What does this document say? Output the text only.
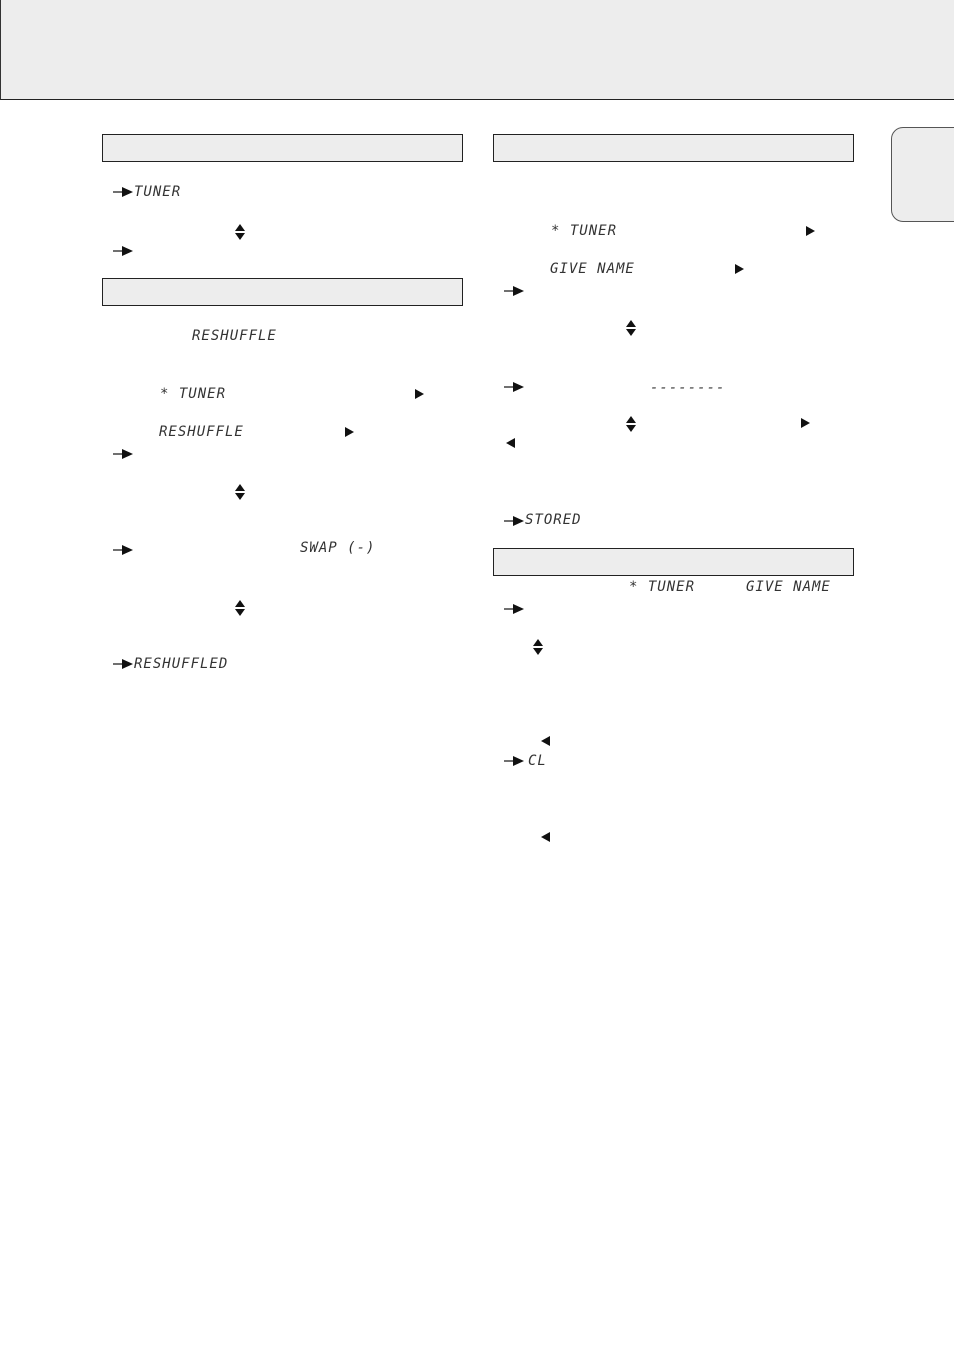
TUNER
RESHUFFLE
* TUNER
RESHUFFLE
SWAP (-)
RESHUFFLED
* TUNER
GIVE NAME
--------
STORED
* TUNER	GIVE NAME
CL
